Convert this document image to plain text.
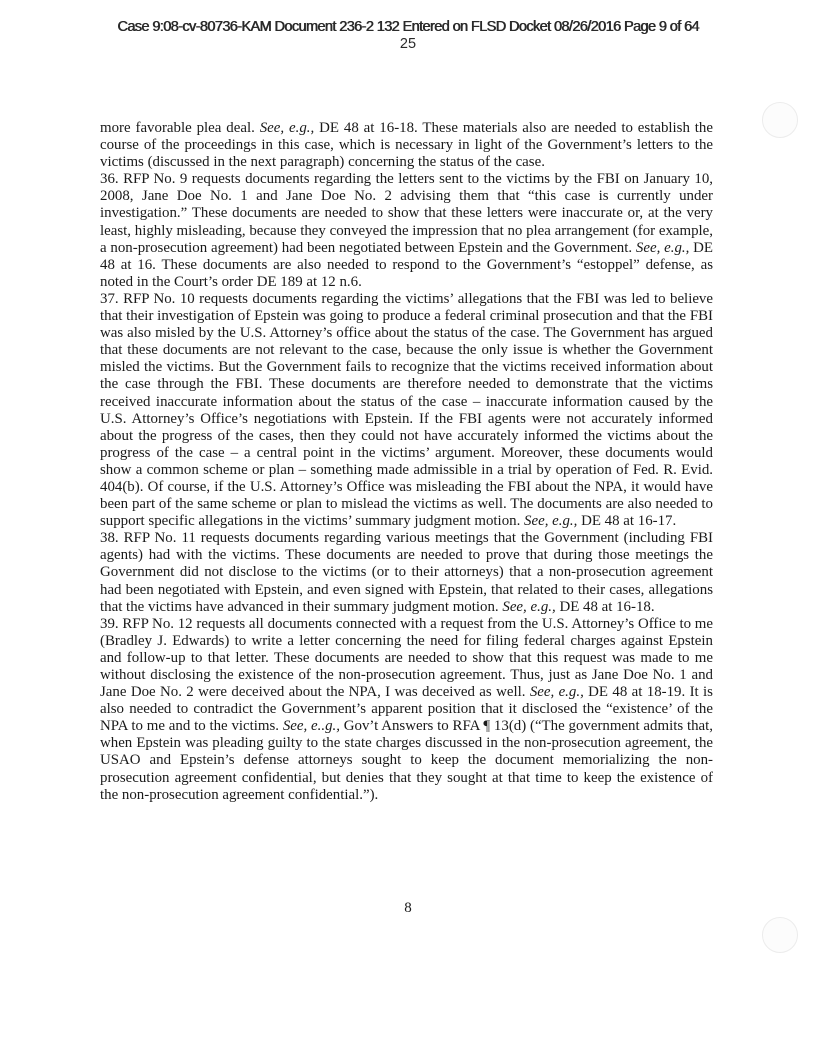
Case 9:08-cv-80736-KAM Document 236-2 132 Entered on FLSD Docket 08/26/2016 Page 9 of 64
25

more favorable plea deal. See, e.g., DE 48 at 16-18. These materials also are needed to establish the course of the proceedings in this case, which is necessary in light of the Government’s letters to the victims (discussed in the next paragraph) concerning the status of the case.

36. RFP No. 9 requests documents regarding the letters sent to the victims by the FBI on January 10, 2008, Jane Doe No. 1 and Jane Doe No. 2 advising them that “this case is currently under investigation.” These documents are needed to show that these letters were inaccurate or, at the very least, highly misleading, because they conveyed the impression that no plea arrangement (for example, a non-prosecution agreement) had been negotiated between Epstein and the Government. See, e.g., DE 48 at 16. These documents are also needed to respond to the Government’s “estoppel” defense, as noted in the Court’s order DE 189 at 12 n.6.

37. RFP No. 10 requests documents regarding the victims’ allegations that the FBI was led to believe that their investigation of Epstein was going to produce a federal criminal prosecution and that the FBI was also misled by the U.S. Attorney’s office about the status of the case. The Government has argued that these documents are not relevant to the case, because the only issue is whether the Government misled the victims. But the Government fails to recognize that the victims received information about the case through the FBI. These documents are therefore needed to demonstrate that the victims received inaccurate information about the status of the case – inaccurate information caused by the U.S. Attorney’s Office’s negotiations with Epstein. If the FBI agents were not accurately informed about the progress of the cases, then they could not have accurately informed the victims about the progress of the case – a central point in the victims’ argument. Moreover, these documents would show a common scheme or plan – something made admissible in a trial by operation of Fed. R. Evid. 404(b). Of course, if the U.S. Attorney’s Office was misleading the FBI about the NPA, it would have been part of the same scheme or plan to mislead the victims as well. The documents are also needed to support specific allegations in the victims’ summary judgment motion. See, e.g., DE 48 at 16-17.

38. RFP No. 11 requests documents regarding various meetings that the Government (including FBI agents) had with the victims. These documents are needed to prove that during those meetings the Government did not disclose to the victims (or to their attorneys) that a non-prosecution agreement had been negotiated with Epstein, and even signed with Epstein, that related to their cases, allegations that the victims have advanced in their summary judgment motion. See, e.g., DE 48 at 16-18.

39. RFP No. 12 requests all documents connected with a request from the U.S. Attorney’s Office to me (Bradley J. Edwards) to write a letter concerning the need for filing federal charges against Epstein and follow-up to that letter. These documents are needed to show that this request was made to me without disclosing the existence of the non-prosecution agreement. Thus, just as Jane Doe No. 1 and Jane Doe No. 2 were deceived about the NPA, I was deceived as well. See, e.g., DE 48 at 18-19. It is also needed to contradict the Government’s apparent position that it disclosed the “existence’ of the NPA to me and to the victims. See, e..g., Gov’t Answers to RFA ¶ 13(d) (“The government admits that, when Epstein was pleading guilty to the state charges discussed in the non-prosecution agreement, the USAO and Epstein’s defense attorneys sought to keep the document memorializing the non-prosecution agreement confidential, but denies that they sought at that time to keep the existence of the non-prosecution agreement confidential.”).

8
